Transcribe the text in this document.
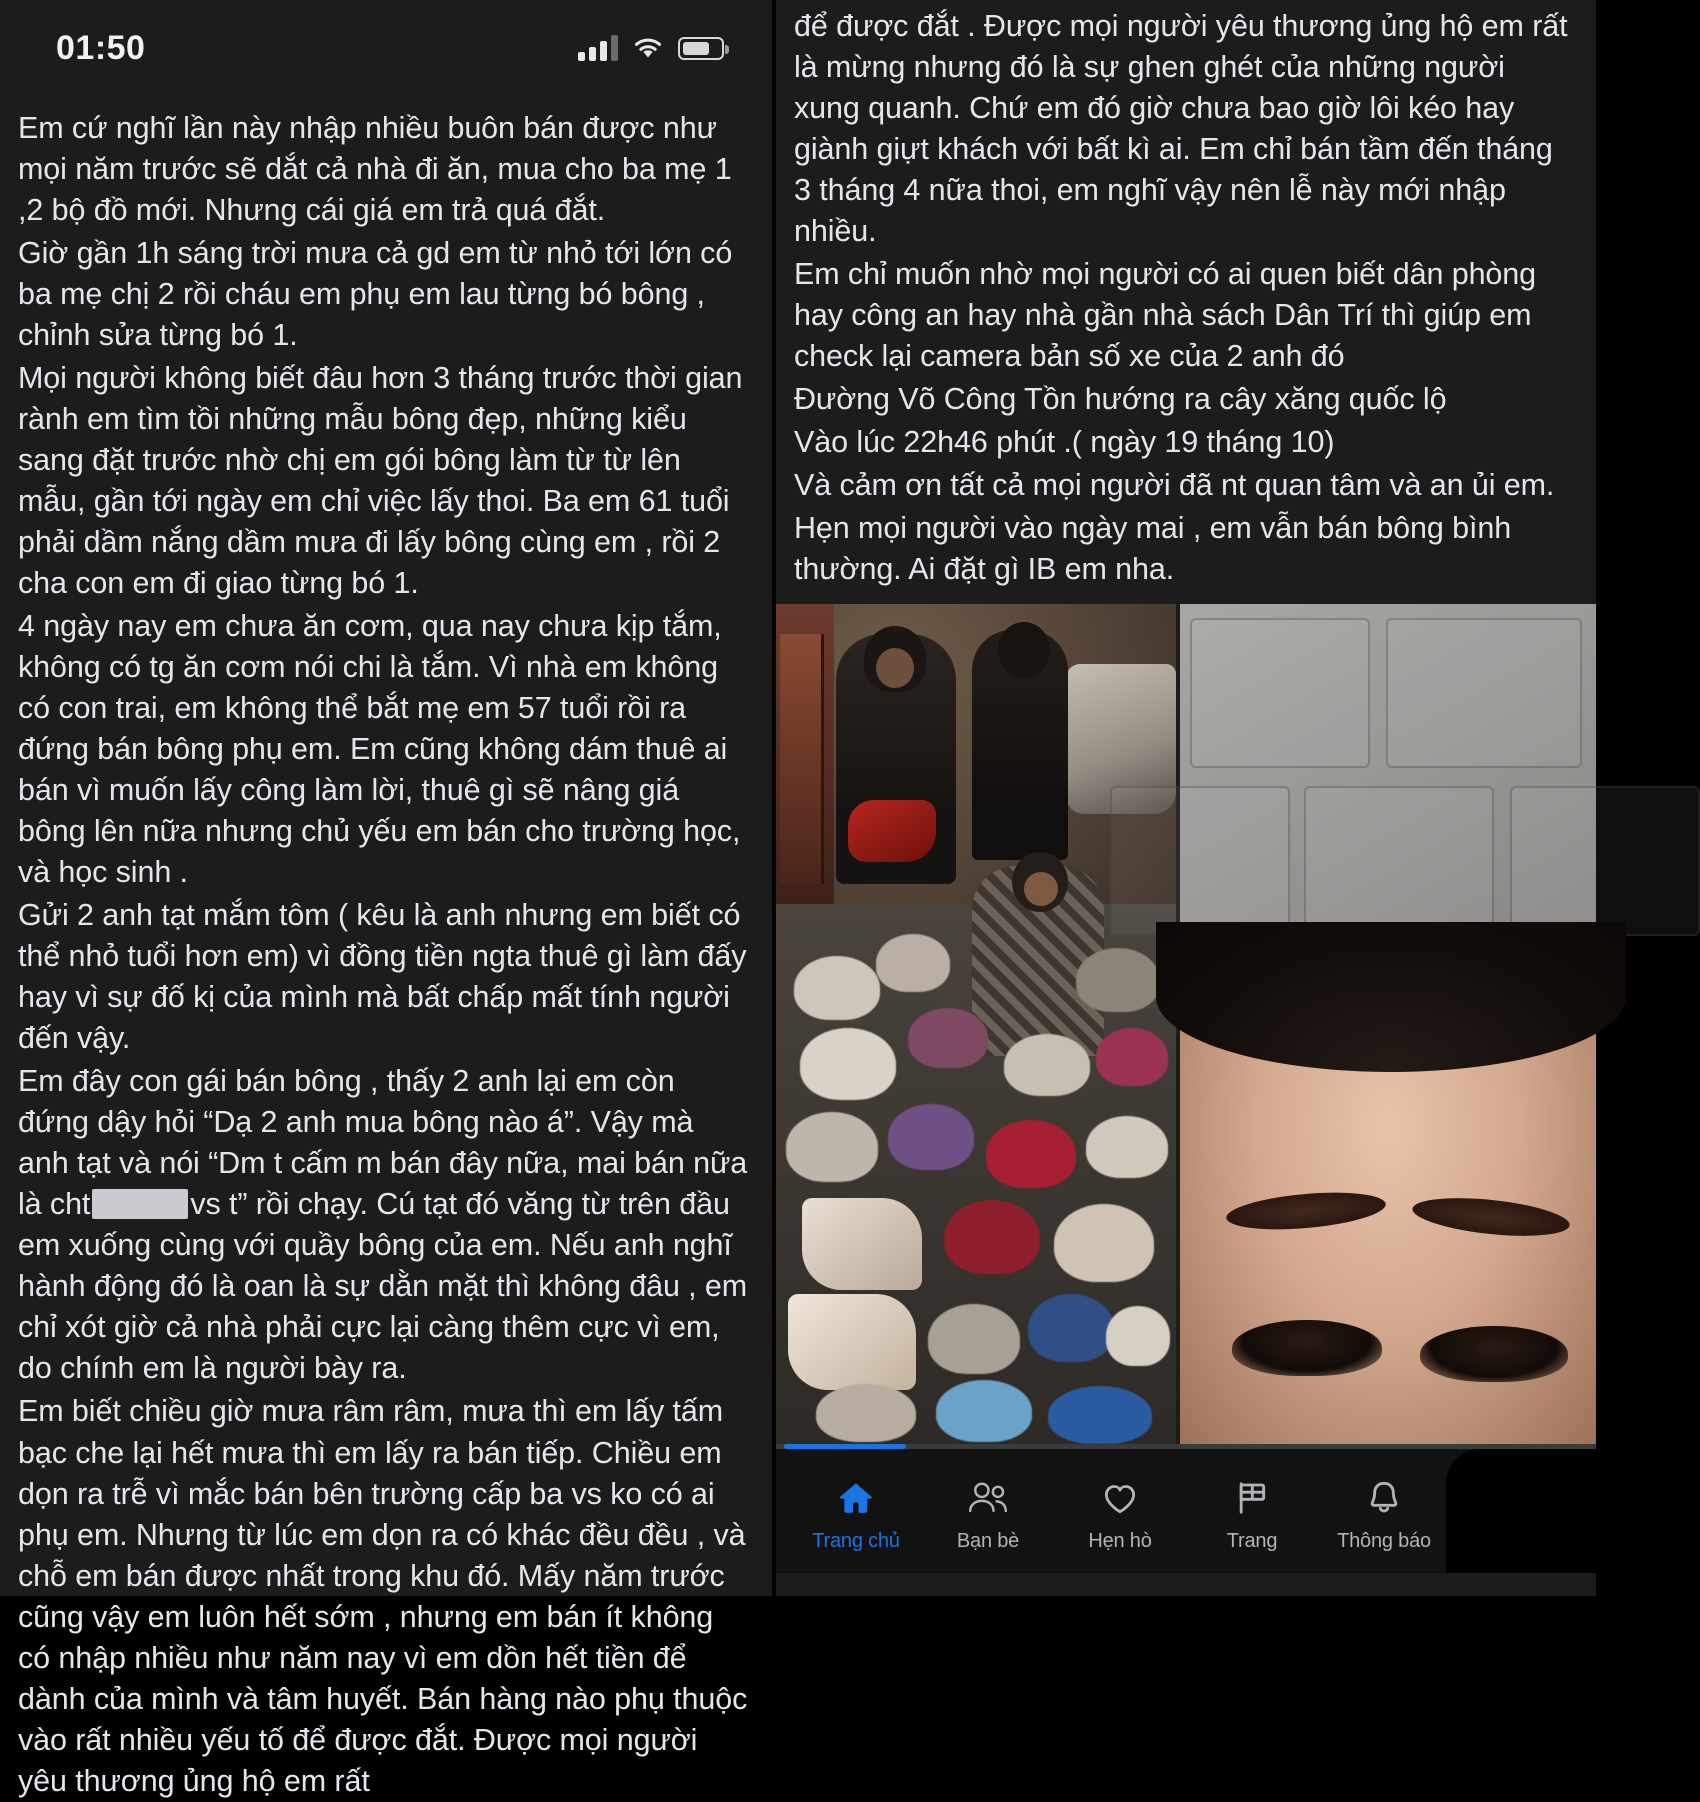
01:50

Em cứ nghĩ lần này nhập nhiều buôn bán được như mọi năm trước sẽ dắt cả nhà đi ăn, mua cho ba mẹ 1 ,2 bộ đồ mới. Nhưng cái giá em trả quá đắt.

Giờ gần 1h sáng trời mưa cả gd em từ nhỏ tới lớn có ba mẹ chị 2 rồi cháu em phụ em lau từng bó bông , chỉnh sửa từng bó 1.

Mọi người không biết đâu hơn 3 tháng trước thời gian rành em tìm tồi những mẫu bông đẹp, những kiểu sang đặt trước nhờ chị em gói bông làm từ từ lên mẫu, gần tới ngày em chỉ việc lấy thoi. Ba em 61 tuổi phải dầm nắng dầm mưa đi lấy bông cùng em , rồi 2 cha con em đi giao từng bó 1.

4 ngày nay em chưa ăn cơm, qua nay chưa kịp tắm, không có tg ăn cơm nói chi là tắm. Vì nhà em không có con trai, em không thể bắt mẹ em 57 tuổi rồi ra đứng bán bông phụ em. Em cũng không dám thuê ai bán vì muốn lấy công làm lời, thuê gì sẽ nâng giá bông lên nữa nhưng chủ yếu em bán cho trường học, và học sinh .

Gửi 2 anh tạt mắm tôm ( kêu là anh nhưng em biết có thể nhỏ tuổi hơn em) vì đồng tiền ngta thuê gì làm đấy hay vì sự đố kị của mình mà bất chấp mất tính người đến vậy.

Em đây con gái bán bông , thấy 2 anh lại em còn đứng dậy hỏi “Dạ 2 anh mua bông nào á”. Vậy mà anh tạt và nói “Dm t cấm m bán đây nữa, mai bán nữa là cht	vs t” rồi chạy. Cú tạt đó văng từ trên đầu em xuống cùng với quầy bông của em. Nếu anh nghĩ hành động đó là oan là sự dằn mặt thì không đâu , em chỉ xót giờ cả nhà phải cực lại càng thêm cực vì em, do chính em là người bày ra.

Em biết chiều giờ mưa râm râm, mưa thì em lấy tấm bạc che lại hết mưa thì em lấy ra bán tiếp. Chiều em dọn ra trễ vì mắc bán bên trường cấp ba vs ko có ai phụ em. Nhưng từ lúc em dọn ra có khác đều đều , và chỗ em bán được nhất trong khu đó. Mấy năm trước cũng vậy em luôn hết sớm , nhưng em bán ít không có nhập nhiều như năm nay vì em dồn hết tiền để dành của mình và tâm huyết. Bán hàng nào phụ thuộc vào rất nhiều yếu tố để được đắt. Được mọi người yêu thương ủng hộ em rất

để được đắt . Được mọi người yêu thương ủng hộ em rất là mừng nhưng đó là sự ghen ghét của những người xung quanh. Chứ em đó giờ chưa bao giờ lôi kéo hay giành giựt khách với bất kì ai. Em chỉ bán tầm đến tháng 3 tháng 4 nữa thoi, em nghĩ vậy nên lễ này mới nhập nhiều.

Em chỉ muốn nhờ mọi người có ai quen biết dân phòng hay công an hay nhà gần nhà sách Dân Trí thì giúp em check lại camera bản số xe của 2 anh đó

Đường Võ Công Tồn hướng ra cây xăng quốc lộ

Vào lúc 22h46 phút .( ngày 19 tháng 10)

Và cảm ơn tất cả mọi người đã nt quan tâm và an ủi em.

Hẹn mọi người vào ngày mai , em vẫn bán bông bình thường. Ai đặt gì IB em nha.

Trang chủ	Bạn bè	Hẹn hò	Trang	Thông báo
